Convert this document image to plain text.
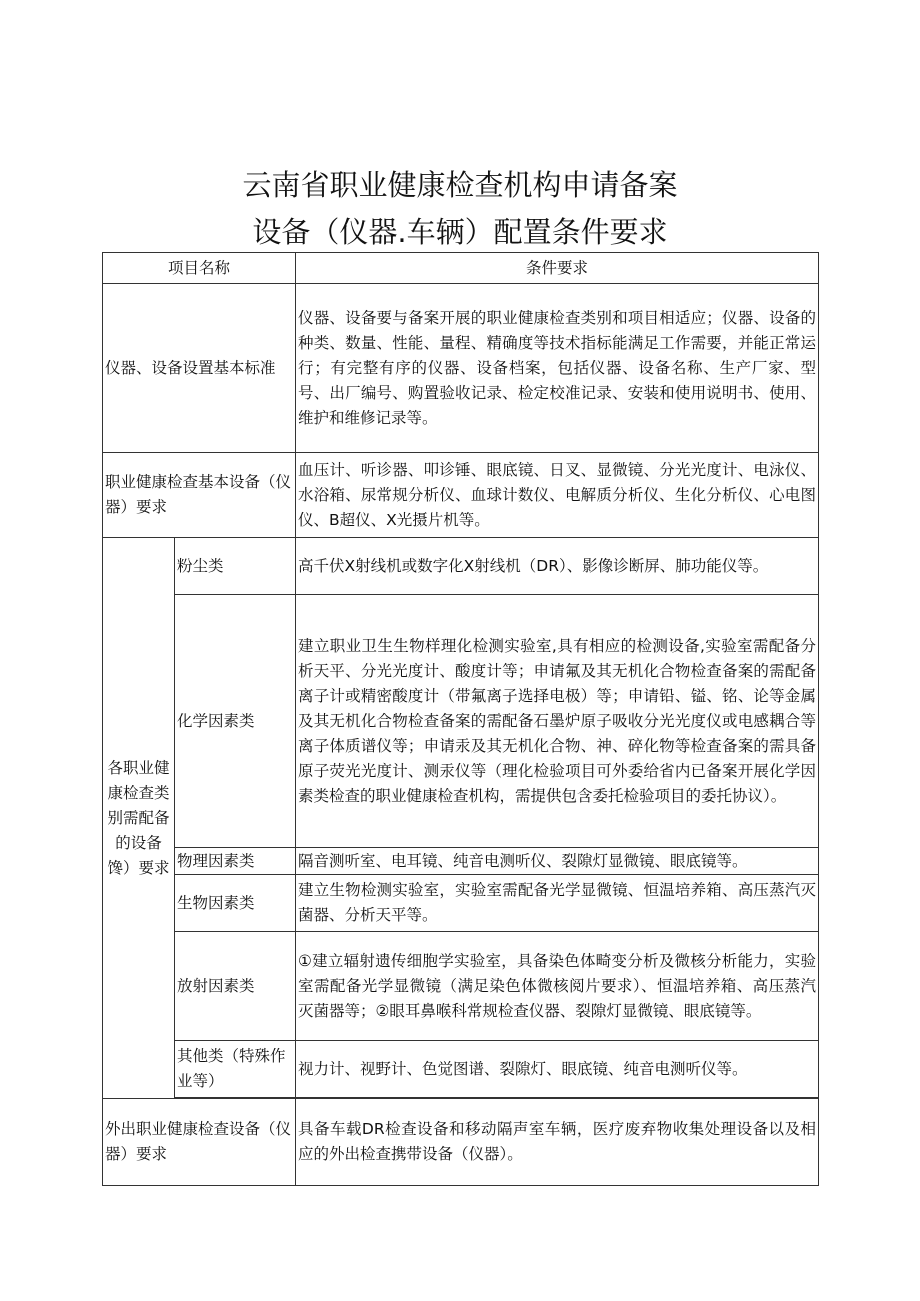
云南省职业健康检查机构申请备案
设备（仪器.车辆）配置条件要求
项目名称		条件要求
仪器、设备设置基本标准		仪器、设备要与备案开展的职业健康检查类别和项目相适应；仪器、设备的种类、数量、性能、量程、精确度等技术指标能满足工作需要，并能正常运行；有完整有序的仪器、设备档案，包括仪器、设备名称、生产厂家、型号、出厂编号、购置验收记录、检定校准记录、安装和使用说明书、使用、维护和维修记录等。
职业健康检查基本设备（仪器）要求		血压计、听诊器、叩诊锤、眼底镜、日叉、显微镜、分光光度计、电泳仪、水浴箱、尿常规分析仪、血球计数仪、电解质分析仪、生化分析仪、心电图仪、B超仪、X光摄片机等。
各职业健康检查类别需配备的设备馋）要求	粉尘类	高千伏X射线机或数字化X射线机（DR）、影像诊断屏、肺功能仪等。
	化学因素类	建立职业卫生生物样理化检测实验室,具有相应的检测设备,实验室需配备分析天平、分光光度计、酸度计等；申请氟及其无机化合物检查备案的需配备离子计或精密酸度计（带氟离子选择电极）等；申请铅、镒、铭、论等金属及其无机化合物检查备案的需配备石墨炉原子吸收分光光度仪或电感耦合等离子体质谱仪等；申请汞及其无机化合物、神、碎化物等检查备案的需具备原子荧光光度计、测汞仪等（理化检验项目可外委给省内已备案开展化学因素类检查的职业健康检查机构，需提供包含委托检验项目的委托协议）。
	物理因素类	隔音测听室、电耳镜、纯音电测听仪、裂隙灯显微镜、眼底镜等。
	生物因素类	建立生物检测实验室，实验室需配备光学显微镜、恒温培养箱、高压蒸汽灭菌器、分析天平等。
	放射因素类	①建立辐射遗传细胞学实验室，具备染色体畸变分析及微核分析能力，实验室需配备光学显微镜（满足染色体微核阅片要求）、恒温培养箱、高压蒸汽灭菌器等；②眼耳鼻喉科常规检查仪器、裂隙灯显微镜、眼底镜等。
	其他类（特殊作业等）	视力计、视野计、色觉图谱、裂隙灯、眼底镜、纯音电测听仪等。

外出职业健康检查设备（仪器）要求		具备车载DR检查设备和移动隔声室车辆，医疗废弃物收集处理设备以及相应的外出检查携带设备（仪器）。
